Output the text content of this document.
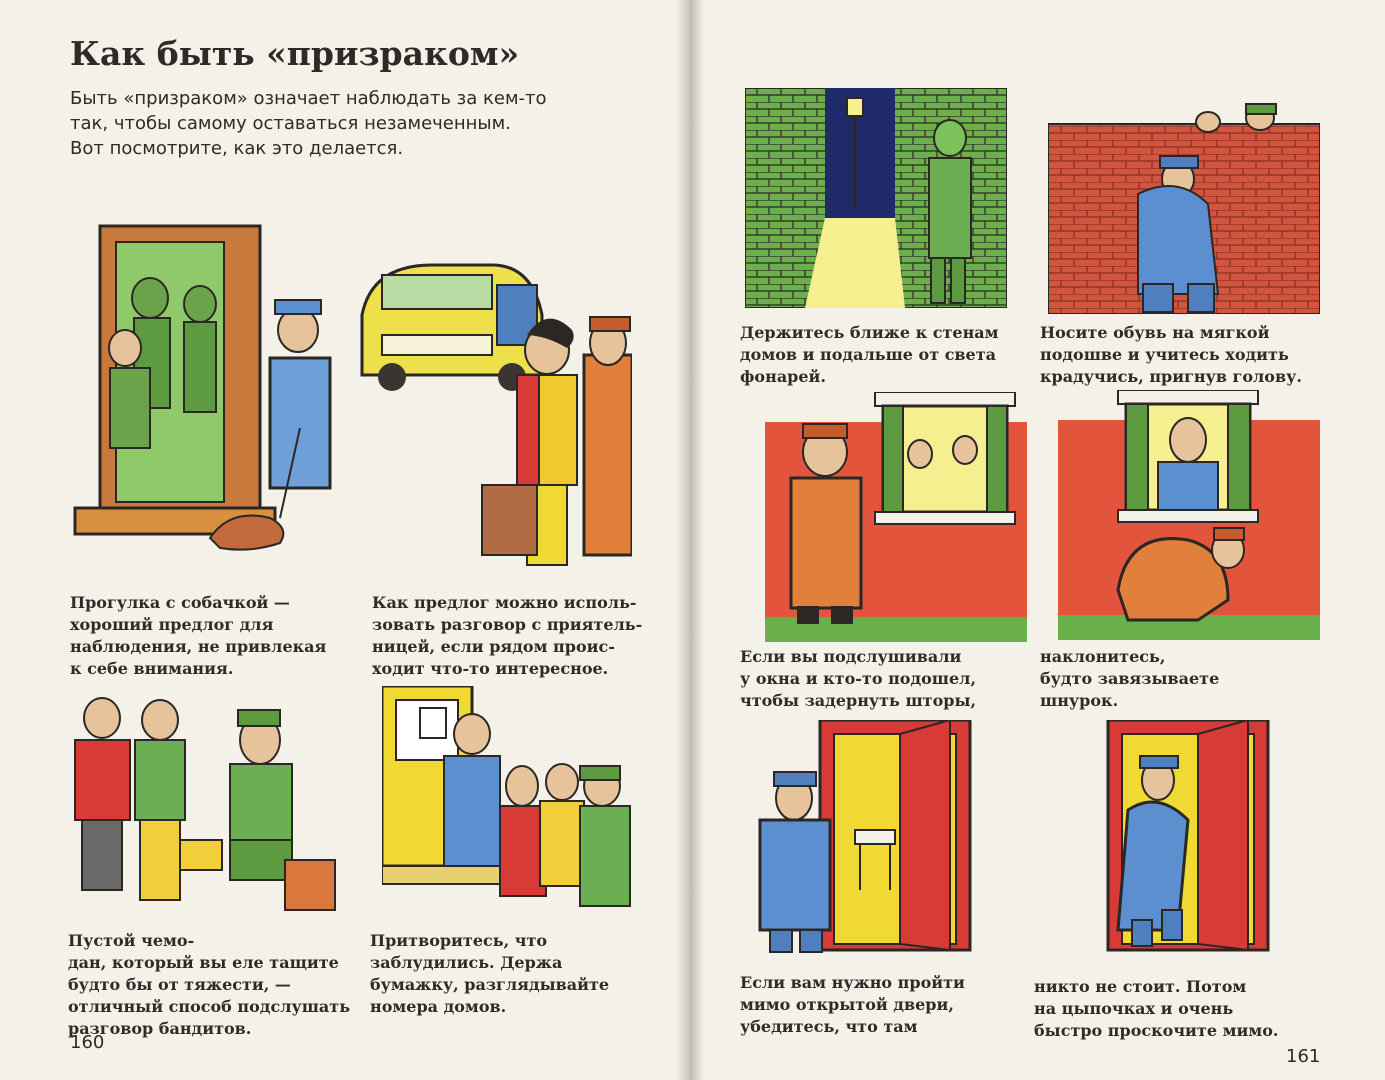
Как быть «призраком»

Быть «призраком» означает наблюдать за кем-то
так, чтобы самому оставаться незамеченным.
Вот посмотрите, как это делается.

Прогулка с собачкой —
хороший предлог для
наблюдения, не привлекая
к себе внимания.

Как предлог можно исполь-
зовать разговор с приятель-
ницей, если рядом проис-
ходит что-то интересное.

Пустой чемо-
дан, который вы еле тащите
будто бы от тяжести, —
отличный способ подслушать
разговор бандитов.

Притворитесь, что
заблудились. Держа
бумажку, разглядывайте
номера домов.

160

Держитесь ближе к стенам
домов и подальше от света
фонарей.

Носите обувь на мягкой
подошве и учитесь ходить
крадучись, пригнув голову.

Если вы подслушивали
у окна и кто-то подошел,
чтобы задернуть шторы,

наклонитесь,
будто завязываете
шнурок.

Если вам нужно пройти
мимо открытой двери,
убедитесь, что там

никто не стоит. Потом
на цыпочках и очень
быстро проскочите мимо.

161
